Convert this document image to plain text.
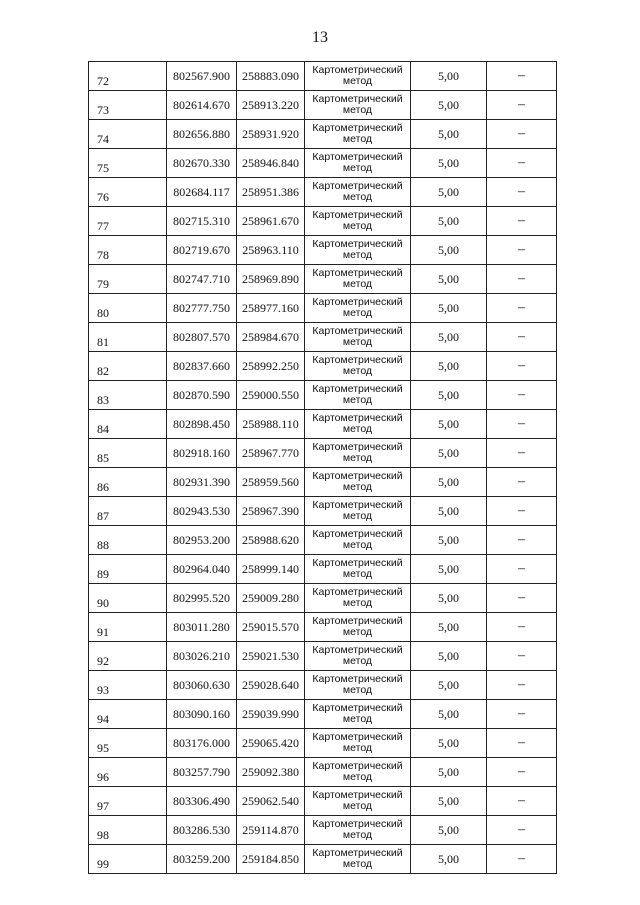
13
72	802567.900	258883.090	Картометрический метод	5,00	–
73	802614.670	258913.220	Картометрический метод	5,00	–
74	802656.880	258931.920	Картометрический метод	5,00	–
75	802670.330	258946.840	Картометрический метод	5,00	–
76	802684.117	258951.386	Картометрический метод	5,00	–
77	802715.310	258961.670	Картометрический метод	5,00	–
78	802719.670	258963.110	Картометрический метод	5,00	–
79	802747.710	258969.890	Картометрический метод	5,00	–
80	802777.750	258977.160	Картометрический метод	5,00	–
81	802807.570	258984.670	Картометрический метод	5,00	–
82	802837.660	258992.250	Картометрический метод	5,00	–
83	802870.590	259000.550	Картометрический метод	5,00	–
84	802898.450	258988.110	Картометрический метод	5,00	–
85	802918.160	258967.770	Картометрический метод	5,00	–
86	802931.390	258959.560	Картометрический метод	5,00	–
87	802943.530	258967.390	Картометрический метод	5,00	–
88	802953.200	258988.620	Картометрический метод	5,00	–
89	802964.040	258999.140	Картометрический метод	5,00	–
90	802995.520	259009.280	Картометрический метод	5,00	–
91	803011.280	259015.570	Картометрический метод	5,00	–
92	803026.210	259021.530	Картометрический метод	5,00	–
93	803060.630	259028.640	Картометрический метод	5,00	–
94	803090.160	259039.990	Картометрический метод	5,00	–
95	803176.000	259065.420	Картометрический метод	5,00	–
96	803257.790	259092.380	Картометрический метод	5,00	–
97	803306.490	259062.540	Картометрический метод	5,00	–
98	803286.530	259114.870	Картометрический метод	5,00	–
99	803259.200	259184.850	Картометрический метод	5,00	–
